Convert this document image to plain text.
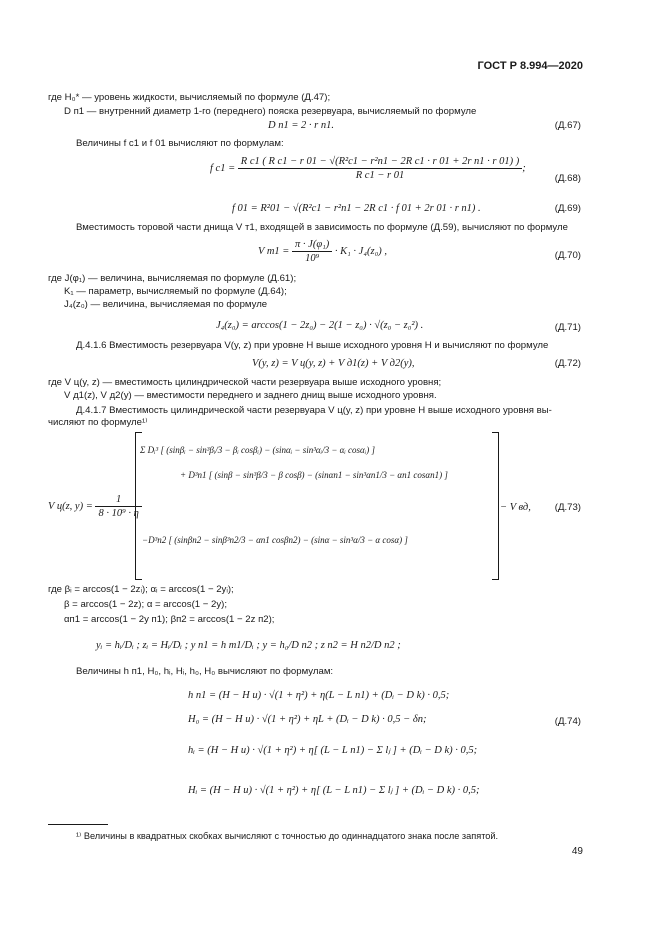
ГОСТ Р 8.994—2020
где H₀* — уровень жидкости, вычисляемый по формуле (Д.47);
D п1 — внутренний диаметр 1-го (переднего) пояска резервуара, вычисляемый по формуле
D п1 = 2 · r п1.	(Д.67)
Величины f c1 и f 01 вычисляют по формулам:
f c1 =
R c1 ( R c1 − r 01 − √(R²c1 − r²п1 − 2R c1 · r 01 + 2r п1 · r 01) )
R c1 − r 01
;
(Д.68)
f 01 = R²01 − √(R²c1 − r²п1 − 2R c1 · f 01 + 2r 01 · r п1) .	(Д.69)
Вместимость торовой части днища V т1, входящей в зависимость по формуле (Д.59), вычисляют по формуле
V $т1 = \frac{\text{π · J(φ₁)}}{\text{10⁹}} \cdot K_1 \cdot J_4(z_0)$ ,	(Д.70)
где J(φ₁) — величина, вычисляемая по формуле (Д.61);
K₁ — параметр, вычисляемый по формуле (Д.64);
J₄(z₀) — величина, вычисляемая по формуле
J₄(z₀) = arccos(1 − 2z₀) − 2(1 − z₀) · √(z₀ − z₀²) .	(Д.71)
Д.4.1.6 Вместимость резервуара V(y, z) при уровне H выше исходного уровня H и вычисляют по формуле
V(y, z) = V ц(y, z) + V д1(z) + V д2(y),	(Д.72)
где V ц(y, z) — вместимость цилиндрической части резервуара выше исходного уровня;
V д1(z), V д2(y) — вместимости переднего и заднего днищ выше исходного уровня.
Д.4.1.7 Вместимость цилиндрической части резервуара V ц(y, z) при уровне H выше исходного уровня вы-
числяют по формуле¹⁾
V ц(z, $y) = \frac{1}{\text{8 · 10⁹ · η}}$
Σ Dᵢ³ [ (sinβᵢ − sin³βᵢ/3 − βᵢ cosβᵢ) − (sinαᵢ − sin³αᵢ/3 − αᵢ cosαᵢ) ]
+ D³п1 [ (sinβ − sin³β/3 − β cosβ) − (sinαп1 − sin³αп1/3 − αп1 cosαп1) ]
−D³п2 [ (sinβп2 − sinβ³п2/3 − αп1 cosβп2) − (sinα − sin³α/3 − α cosα) ]
− V вд, (Д.73)
где βᵢ = arccos(1 − 2zᵢ); αᵢ = arccos(1 − 2yᵢ);
β = arccos(1 − 2z); α = arccos(1 − 2y);
αп1 = arccos(1 − 2y п1); βп2 = arccos(1 − 2z п2);
yᵢ = hᵢ/Dᵢ ; zᵢ = Hᵢ/Dᵢ ; y п1 = h т1/Dᵢ ; y = h₀/D п2 ; z п2 = H п2/D п2 ;
Величины h п1, H₀, hᵢ, Hᵢ, h₀, H₀ вычисляют по формулам:
h п1 = (H − H и) · √(1 + η²) + η(L − L п1) + (Dᵢ − D k) · 0,5;
H₀ = (H − H и) · √(1 + η²) + ηL + (Dᵢ − D k) · 0,5 − δп;	(Д.74)
hᵢ = (H − H и) · √(1 + η²) + η[ (L − L п1) − Σ lⱼ ] + (Dᵢ − D k) · 0,5;
Hᵢ = (H − H и) · √(1 + η²) + η[ (L − L п1) − Σ lⱼ ] + (Dᵢ − D k) · 0,5;
¹⁾ Величины в квадратных скобках вычисляют с точностью до одиннадцатого знака после запятой.
49
